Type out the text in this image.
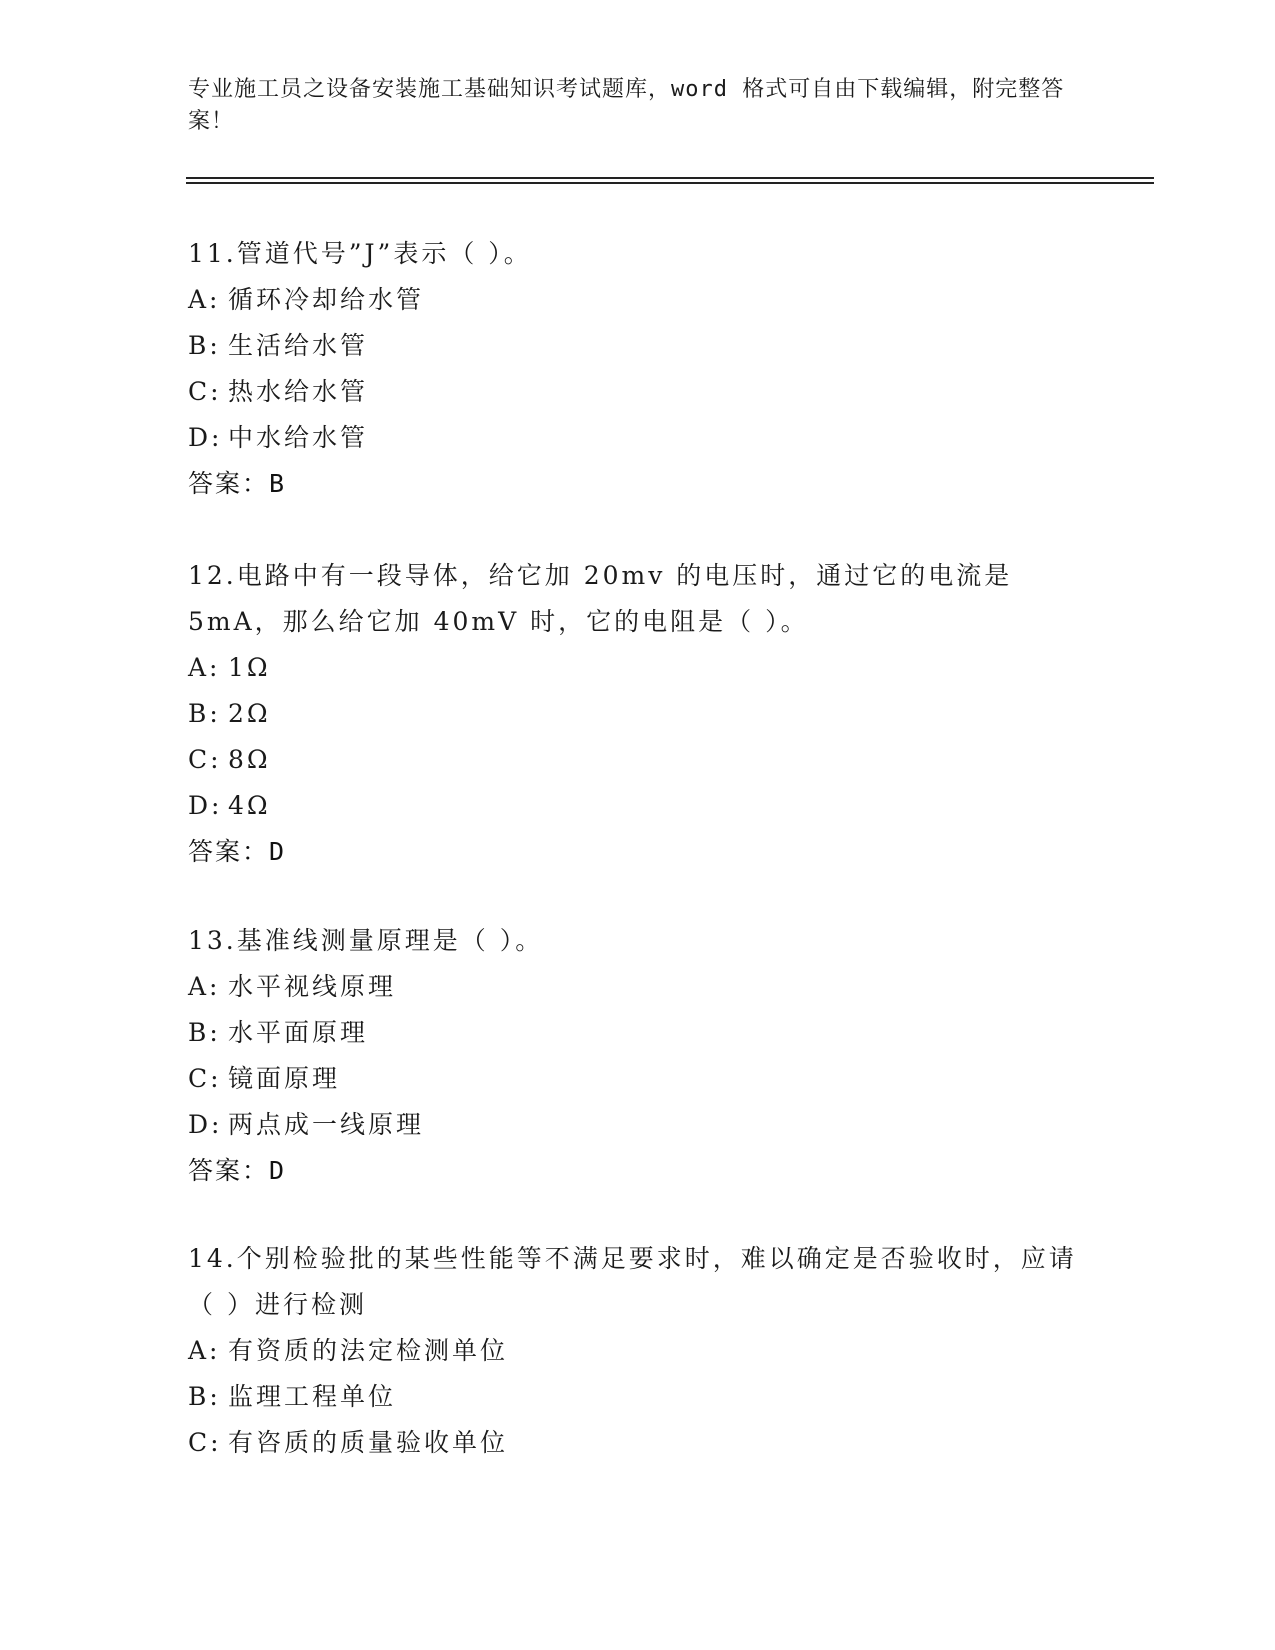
专业施工员之设备安装施工基础知识考试题库，word 格式可自由下载编辑，附完整答案！
11.管道代号”J”表示（ ）。
A: 循环冷却给水管
B: 生活给水管
C: 热水给水管
D: 中水给水管
答案：B
12.电路中有一段导体，给它加 20mv 的电压时，通过它的电流是 5mA，那么给它加 40mV 时，它的电阻是（ ）。
A: 1Ω
B: 2Ω
C: 8Ω
D: 4Ω
答案：D
13.基准线测量原理是（ ）。
A: 水平视线原理
B: 水平面原理
C: 镜面原理
D: 两点成一线原理
答案：D
14.个别检验批的某些性能等不满足要求时，难以确定是否验收时，应请（ ）进行检测
A: 有资质的法定检测单位
B: 监理工程单位
C: 有咨质的质量验收单位
